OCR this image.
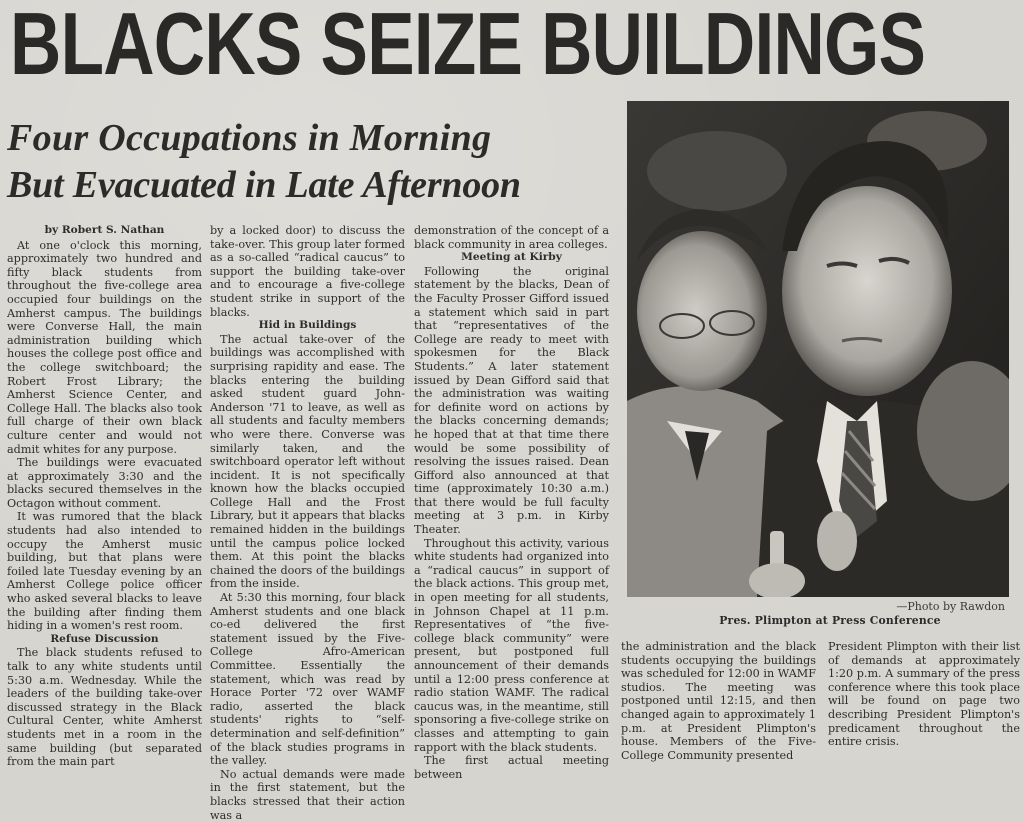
BLACKS SEIZE BUILDINGS
Four Occupations in Morning
But Evacuated in Late Afternoon
by Robert S. Nathan

At one o'clock this morning, approximately two hundred and fifty black students from throughout the five-college area occupied four buildings on the Amherst campus. The buildings were Converse Hall, the main administration building which houses the college post office and the college switchboard; the Robert Frost Library; the Amherst Science Center, and College Hall. The blacks also took full charge of their own black culture center and would not admit whites for any purpose.

The buildings were evacuated at approximately 3:30 and the blacks secured themselves in the Octagon without comment.

It was rumored that the black students had also intended to occupy the Amherst music building, but that plans were foiled late Tuesday evening by an Amherst College police officer who asked several blacks to leave the building after finding them hiding in a women's rest room.

Refuse Discussion

The black students refused to talk to any white students until 5:30 a.m. Wednesday. While the leaders of the building take-over discussed strategy in the Black Cultural Center, white Amherst students met in a room in the same building (but separated from the main part

by a locked door) to discuss the take-over. This group later formed as a so-called “radical caucus” to support the building take-over and to encourage a five-college student strike in support of the blacks.

Hid in Buildings

The actual take-over of the buildings was accomplished with surprising rapidity and ease. The blacks entering the building asked student guard John-Anderson '71 to leave, as well as all students and faculty members who were there. Converse was similarly taken, and the switchboard operator left without incident. It is not specifically known how the blacks occupied College Hall and the Frost Library, but it appears that blacks remained hidden in the buildings until the campus police locked them. At this point the blacks chained the doors of the buildings from the inside.

At 5:30 this morning, four black Amherst students and one black co-ed delivered the first statement issued by the Five-College Afro-American Committee. Essentially the statement, which was read by Horace Porter '72 over WAMF radio, asserted the black students' rights to “self-determination and self-definition” of the black studies programs in the valley.

No actual demands were made in the first statement, but the blacks stressed that their action was a

demonstration of the concept of a black community in area colleges.

Meeting at Kirby

Following the original statement by the blacks, Dean of the Faculty Prosser Gifford issued a statement which said in part that “representatives of the College are ready to meet with spokesmen for the Black Students.” A later statement issued by Dean Gifford said that the administration was waiting for definite word on actions by the blacks concerning demands; he hoped that at that time there would be some possibility of resolving the issues raised. Dean Gifford also announced at that time (approximately 10:30 a.m.) that there would be full faculty meeting at 3 p.m. in Kirby Theater.

Throughout this activity, various white students had organized into a “radical caucus” in support of the black actions. This group met, in open meeting for all students, in Johnson Chapel at 11 p.m. Representatives of “the five-college black community” were present, but postponed full announcement of their demands until a 12:00 press conference at radio station WAMF. The radical caucus was, in the meantime, still sponsoring a five-college strike on classes and attempting to gain rapport with the black students.

The first actual meeting between

—Photo by Rawdon
Pres. Plimpton at Press Conference

the administration and the black students occupying the buildings was scheduled for 12:00 in WAMF studios. The meeting was postponed until 12:15, and then changed again to approximately 1 p.m. at President Plimpton's house. Members of the Five-College Community presented

President Plimpton with their list of demands at approximately 1:20 p.m. A summary of the press conference where this took place will be found on page two describing President Plimpton's predicament throughout the entire crisis.
